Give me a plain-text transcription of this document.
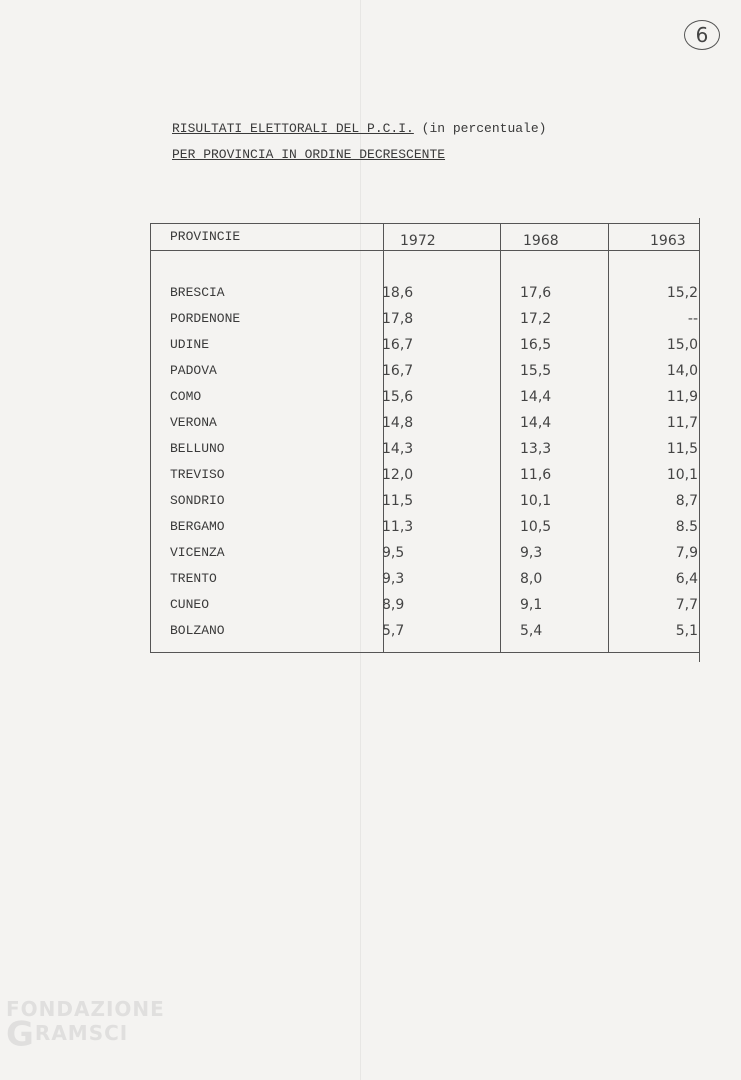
6
RISULTATI ELETTORALI DEL P.C.I. (in percentuale)
PER PROVINCIA IN ORDINE DECRESCENTE
PROVINCIE	1972	1968	1963
BRESCIA	18,6	17,6	15,2
PORDENONE	17,8	17,2	--
UDINE	16,7	16,5	15,0
PADOVA	16,7	15,5	14,0
COMO	15,6	14,4	11,9
VERONA	14,8	14,4	11,7
BELLUNO	14,3	13,3	11,5
TREVISO	12,0	11,6	10,1
SONDRIO	11,5	10,1	8,7
BERGAMO	11,3	10,5	8.5
VICENZA	9,5	9,3	7,9
TRENTO	9,3	8,0	6,4
CUNEO	8,9	9,1	7,7
BOLZANO	5,7	5,4	5,1
FONDAZIONE
GRAMSCI
